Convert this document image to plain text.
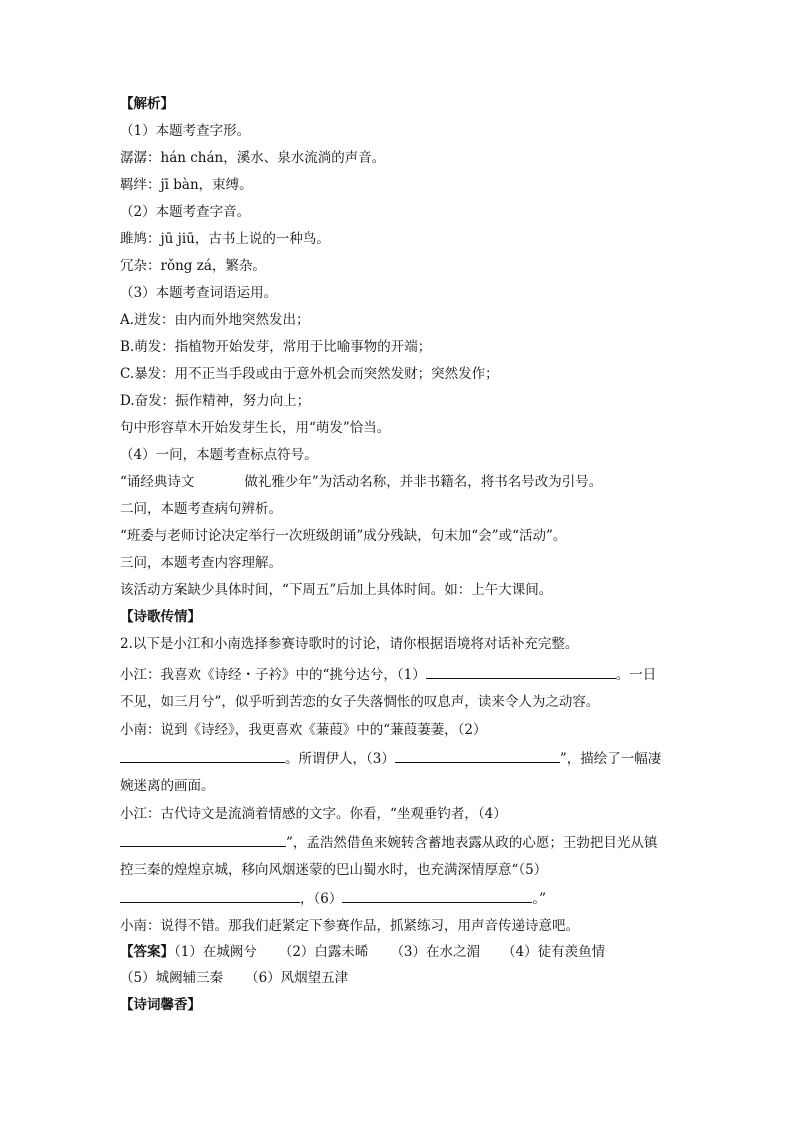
【解析】
（1）本题考查字形。
潺潺：hán chán，溪水、泉水流淌的声音。
羁绊：jī bàn，束缚。
（2）本题考查字音。
雎鸠：jū jiū，古书上说的一种鸟。
冗杂：rǒng zá，繁杂。
（3）本题考查词语运用。
A.迸发：由内而外地突然发出；
B.萌发：指植物开始发芽，常用于比喻事物的开端；
C.暴发：用不正当手段或由于意外机会而突然发财；突然发作；
D.奋发：振作精神，努力向上；
句中形容草木开始发芽生长，用“萌发”恰当。
（4）一问，本题考查标点符号。
“诵经典诗文	做礼雅少年”为活动名称，并非书籍名，将书名号改为引号。
二问，本题考查病句辨析。
“班委与老师讨论决定举行一次班级朗诵”成分残缺，句末加“会”或“活动”。
三问，本题考查内容理解。
该活动方案缺少具体时间，“下周五”后加上具体时间。如：上午大课间。
【诗歌传情】
2.以下是小江和小南选择参赛诗歌时的讨论，请你根据语境将对话补充完整。
小江：我喜欢《诗经・子衿》中的“挑兮达兮，（1）	。一日
不见，如三月兮”，似乎听到苦恋的女子失落惆怅的叹息声，读来令人为之动容。
小南：说到《诗经》，我更喜欢《蒹葭》中的“蒹葭萋萋，（2）
。所谓伊人，（3）	”，描绘了一幅凄
婉迷离的画面。
小江：古代诗文是流淌着情感的文字。你看，“坐观垂钓者，（4）
”，孟浩然借鱼来婉转含蓄地表露从政的心愿；王勃把目光从镇
控三秦的煌煌京城，移向风烟迷蒙的巴山蜀水时，也充满深情厚意“（5）
，（6）	。”
小南：说得不错。那我们赶紧定下参赛作品，抓紧练习，用声音传递诗意吧。
【答案】（1）在城阙兮 （2）白露未晞 （3）在水之湄 （4）徒有羡鱼情
（5）城阙辅三秦 （6）风烟望五津
【诗词馨香】
